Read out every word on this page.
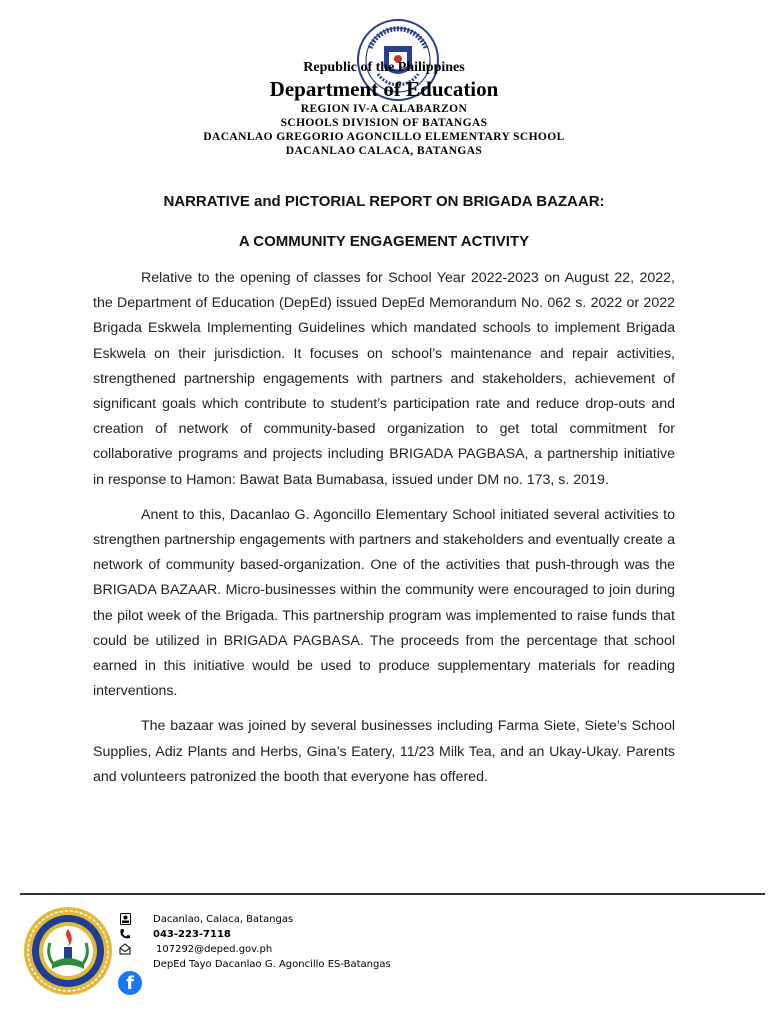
Republic of the Philippines
Department of Education
REGION IV-A CALABARZON
SCHOOLS DIVISION OF BATANGAS
DACANLAO GREGORIO AGONCILLO ELEMENTARY SCHOOL
DACANLAO CALACA, BATANGAS
NARRATIVE and PICTORIAL REPORT ON BRIGADA BAZAAR:
A COMMUNITY ENGAGEMENT ACTIVITY

Relative to the opening of classes for School Year 2022-2023 on August 22, 2022, the Department of Education (DepEd) issued DepEd Memorandum No. 062 s. 2022 or 2022 Brigada Eskwela Implementing Guidelines which mandated schools to implement Brigada Eskwela on their jurisdiction. It focuses on school’s maintenance and repair activities, strengthened partnership engagements with partners and stakeholders, achievement of significant goals which contribute to student’s participation rate and reduce drop-outs and creation of network of community-based organization to get total commitment for collaborative programs and projects including BRIGADA PAGBASA, a partnership initiative in response to Hamon: Bawat Bata Bumabasa, issued under DM no. 173, s. 2019.

Anent to this, Dacanlao G. Agoncillo Elementary School initiated several activities to strengthen partnership engagements with partners and stakeholders and eventually create a network of community based-organization. One of the activities that push-through was the BRIGADA BAZAAR. Micro-businesses within the community were encouraged to join during the pilot week of the Brigada. This partnership program was implemented to raise funds that could be utilized in BRIGADA PAGBASA. The proceeds from the percentage that school earned in this initiative would be used to produce supplementary materials for reading interventions.

The bazaar was joined by several businesses including Farma Siete, Siete’s School Supplies, Adiz Plants and Herbs, Gina’s Eatery, 11/23 Milk Tea, and an Ukay-Ukay. Parents and volunteers patronized the booth that everyone has offered.

Dacanlao, Calaca, Batangas
043-223-7118
107292@deped.gov.ph
DepEd Tayo Dacanlao G. Agoncillo ES-Batangas
f
